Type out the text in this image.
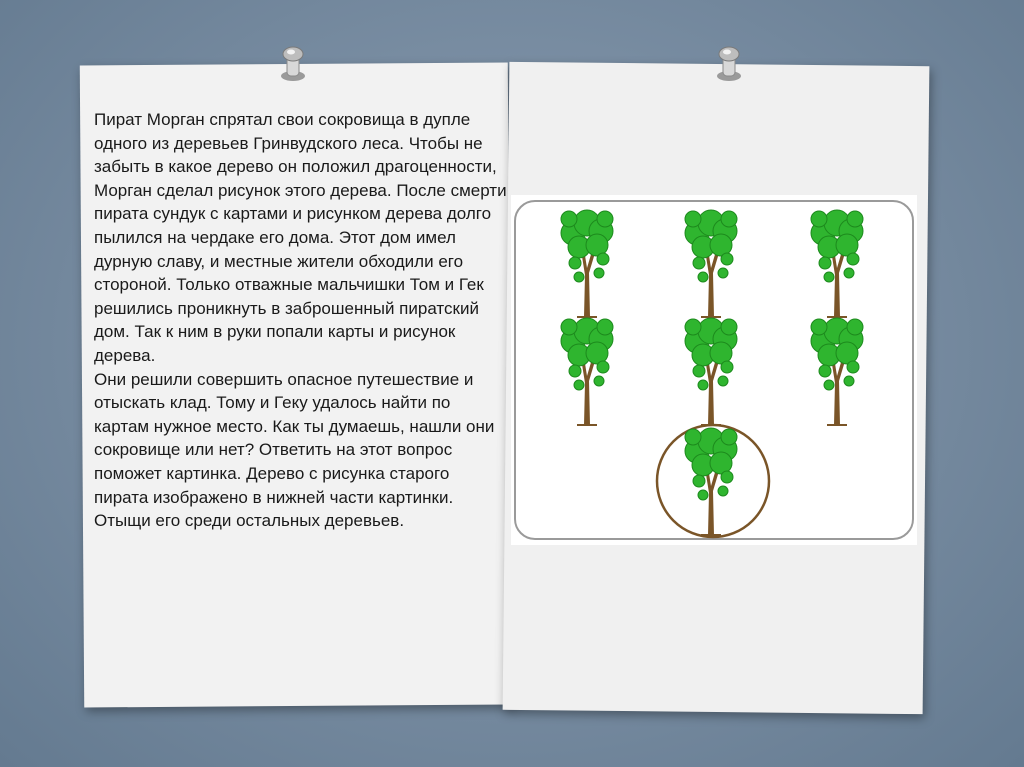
Пират Морган спрятал свои сокровища в дупле одного из деревьев Гринвудского леса. Чтобы не забыть в какое дерево он положил драгоценности, Морган сделал рисунок этого дерева. После смерти пирата сундук с картами и рисунком дерева долго пылился на чердаке его дома. Этот дом имел дурную славу, и местные жители обходили его стороной. Только отважные мальчишки Том и Гек решились проникнуть в заброшенный пиратский дом. Так к ним в руки попали карты и рисунок дерева.

Они решили совершить опасное путешествие и отыскать клад. Тому и Геку удалось найти по картам нужное место. Как ты думаешь, нашли они сокровище или нет? Ответить на этот вопрос поможет картинка. Дерево с рисунка старого пирата изображено в нижней части картинки. Отыщи его среди остальных деревьев.
